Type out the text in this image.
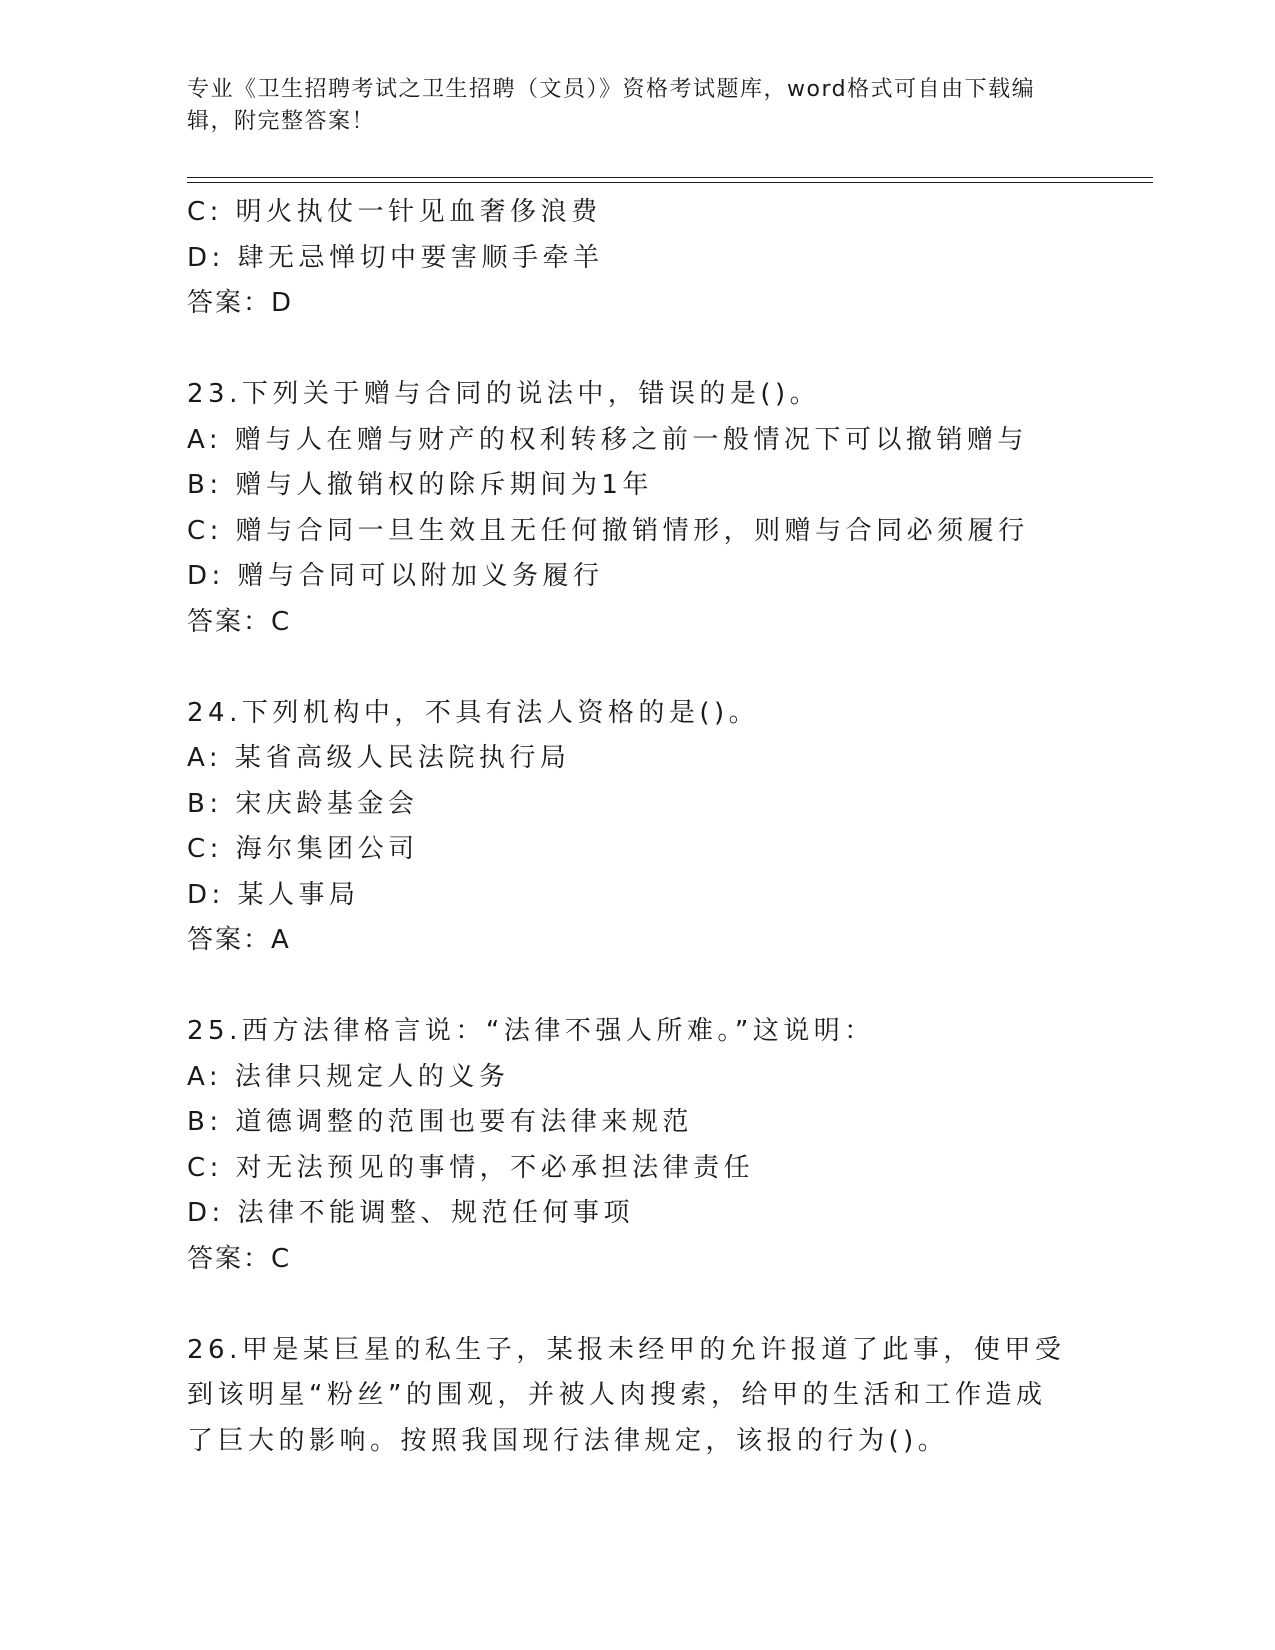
专业《卫生招聘考试之卫生招聘（文员）》资格考试题库，word格式可自由下载编辑，附完整答案！
C: 明火执仗一针见血奢侈浪费
D: 肆无忌惮切中要害顺手牵羊
答案：D
23.下列关于赠与合同的说法中，错误的是()。
A: 赠与人在赠与财产的权利转移之前一般情况下可以撤销赠与
B: 赠与人撤销权的除斥期间为1年
C: 赠与合同一旦生效且无任何撤销情形，则赠与合同必须履行
D: 赠与合同可以附加义务履行
答案：C
24.下列机构中，不具有法人资格的是()。
A: 某省高级人民法院执行局
B: 宋庆龄基金会
C: 海尔集团公司
D: 某人事局
答案：A
25.西方法律格言说：“法律不强人所难。”这说明：
A: 法律只规定人的义务
B: 道德调整的范围也要有法律来规范
C: 对无法预见的事情，不必承担法律责任
D: 法律不能调整、规范任何事项
答案：C
26.甲是某巨星的私生子，某报未经甲的允许报道了此事，使甲受到该明星“粉丝”的围观，并被人肉搜索，给甲的生活和工作造成了巨大的影响。按照我国现行法律规定，该报的行为()。
